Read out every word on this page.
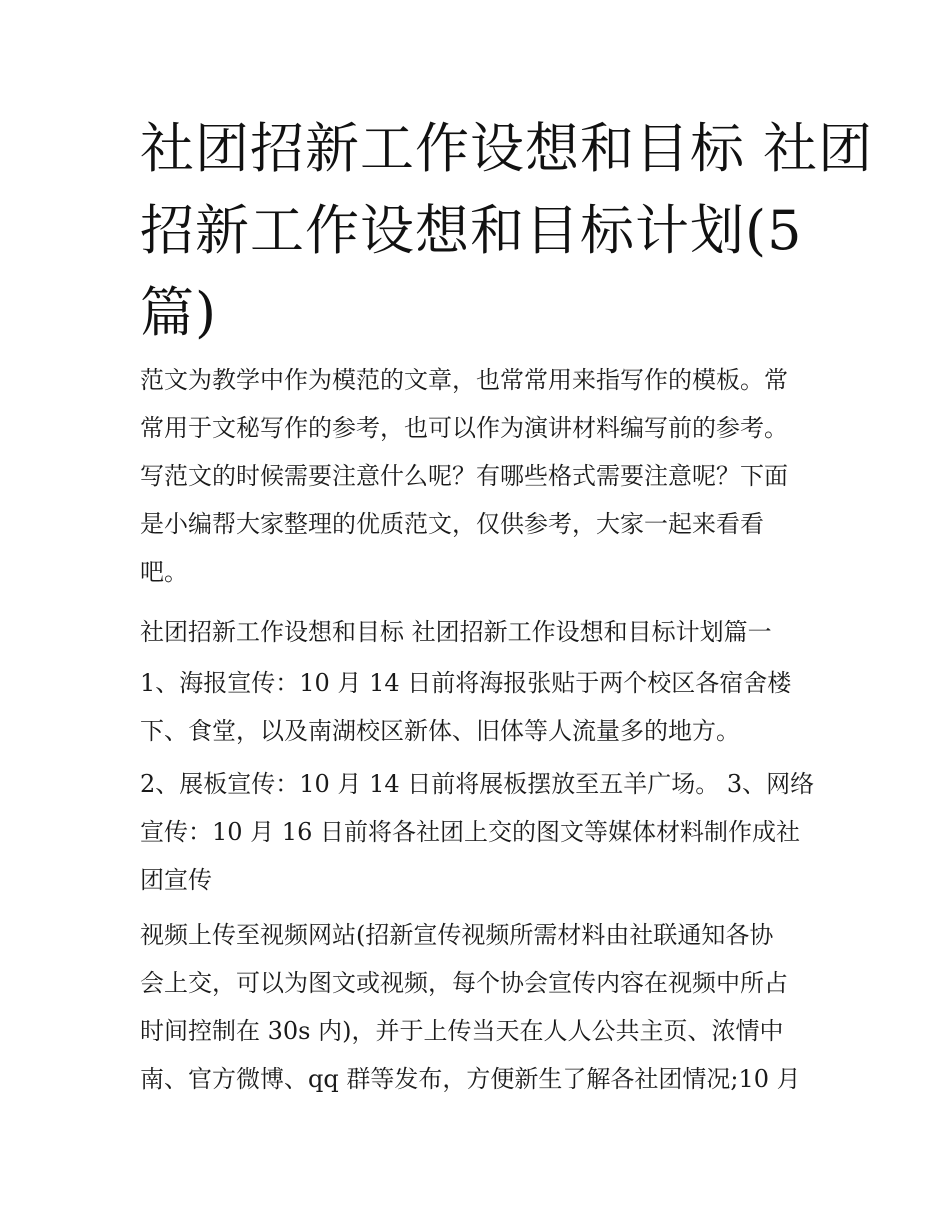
社团招新工作设想和目标 社团
招新工作设想和目标计划(5
篇)
范文为教学中作为模范的文章，也常常用来指写作的模板。常
常用于文秘写作的参考，也可以作为演讲材料编写前的参考。
写范文的时候需要注意什么呢？有哪些格式需要注意呢？下面
是小编帮大家整理的优质范文，仅供参考，大家一起来看看
吧。
社团招新工作设想和目标 社团招新工作设想和目标计划篇一
1、海报宣传：10 月 14 日前将海报张贴于两个校区各宿舍楼
下、食堂，以及南湖校区新体、旧体等人流量多的地方。
2、展板宣传：10 月 14 日前将展板摆放至五羊广场。 3、网络
宣传：10 月 16 日前将各社团上交的图文等媒体材料制作成社
团宣传
视频上传至视频网站(招新宣传视频所需材料由社联通知各协
会上交，可以为图文或视频，每个协会宣传内容在视频中所占
时间控制在 30s 内)，并于上传当天在人人公共主页、浓情中
南、官方微博、qq 群等发布，方便新生了解各社团情况;10 月
